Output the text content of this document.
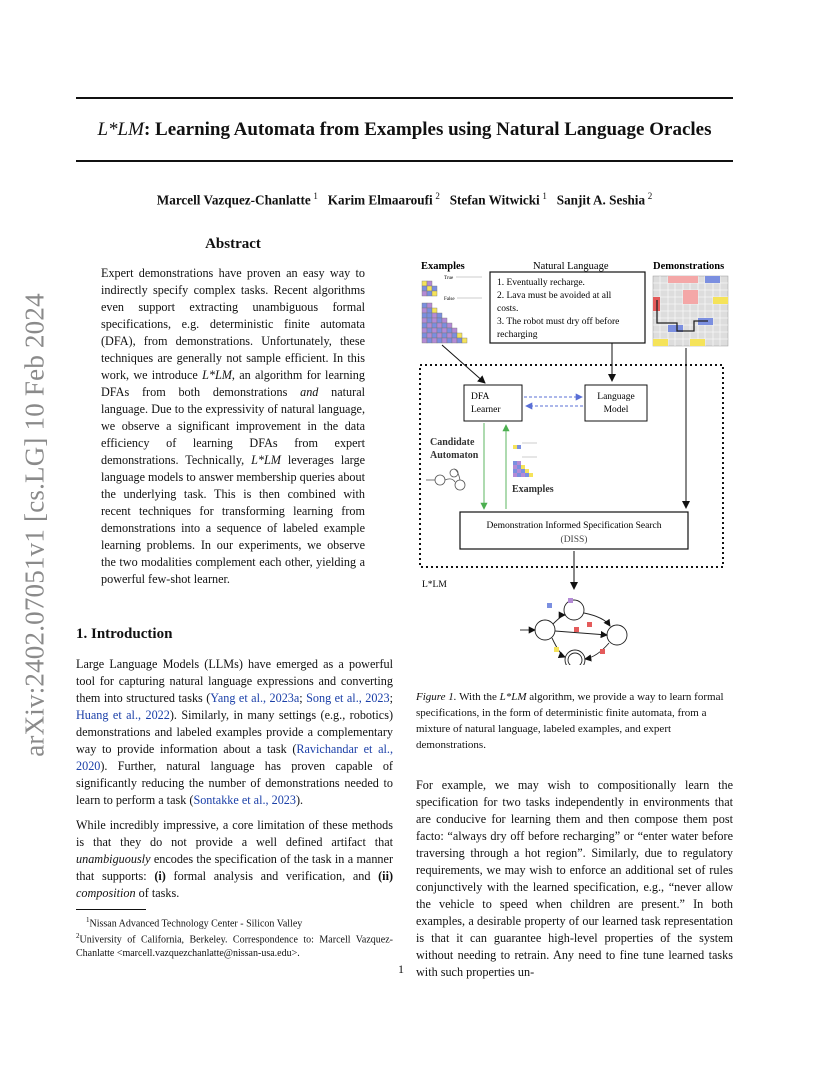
L*LM: Learning Automata from Examples using Natural Language Oracles
Marcell Vazquez-Chanlatte  $^1$ Karim Elmaaroufi  $^2$ Stefan Witwicki  $^1$ Sanjit A. Seshia  $^2$
arXiv:2402.07051v1 [cs.LG] 10 Feb 2024
Abstract
Expert demonstrations have proven an easy way to indirectly specify complex tasks. Recent algorithms even support extracting unambiguous formal specifications, e.g. deterministic finite automata (DFA), from demonstrations. Unfortunately, these techniques are generally not sample efficient. In this work, we introduce L*LM, an algorithm for learning DFAs from both demonstrations and natural language. Due to the expressivity of natural language, we observe a significant improvement in the data efficiency of learning DFAs from expert demonstrations. Technically, L*LM leverages large language models to answer membership queries about the underlying task. This is then combined with recent techniques for transforming learning from demonstrations into a sequence of labeled example learning problems. In our experiments, we observe the two modalities complement each other, yielding a powerful few-shot learner.
1. Introduction

Large Language Models (LLMs) have emerged as a powerful tool for capturing natural language expressions and converting them into structured tasks (Yang et al., 2023a; Song et al., 2023; Huang et al., 2022). Similarly, in many settings (e.g., robotics) demonstrations and labeled examples provide a complementary way to provide information about a task (Ravichandar et al., 2020). Further, natural language has proven capable of significantly reducing the number of demonstrations needed to learn to perform a task (Sontakke et al., 2023).

While incredibly impressive, a core limitation of these methods is that they do not provide a well defined artifact that unambiguously encodes the specification of the task in a manner that supports: (i) formal analysis and verification, and (ii) composition of tasks.

$^1$Nissan Advanced Technology Center - Silicon Valley
$^2$University of California, Berkeley. Correspondence to: Marcell Vazquez-Chanlatte <marcell.vazquezchanlatte@nissan-usa.edu>.
1
Examples	Natural Language	Demonstrations
True
False
1. Eventually recharge.
2. Lava must be avoided at all
costs.
3. The robot must dry off before
recharging
DFA
Learner
Language
Model
Candidate
Automaton
Examples
Demonstration Informed Specification Search
(DISS)
L*LM
Figure 1. With the L*LM algorithm, we provide a way to learn formal specifications, in the form of deterministic finite automata, from a mixture of natural language, labeled examples, and expert demonstrations.

For example, we may wish to compositionally learn the specification for two tasks independently in environments that are conducive for learning them and then compose them post facto: “always dry off before recharging” or “enter water before traversing through a hot region”. Similarly, due to regulatory requirements, we may wish to enforce an additional set of rules conjunctively with the learned specification, e.g., “never allow the vehicle to speed when children are present.” In both examples, a desirable property of our learned task representation is that it can guarantee high-level properties of the system without needing to retrain. Any need to fine tune learned tasks with such properties un-
